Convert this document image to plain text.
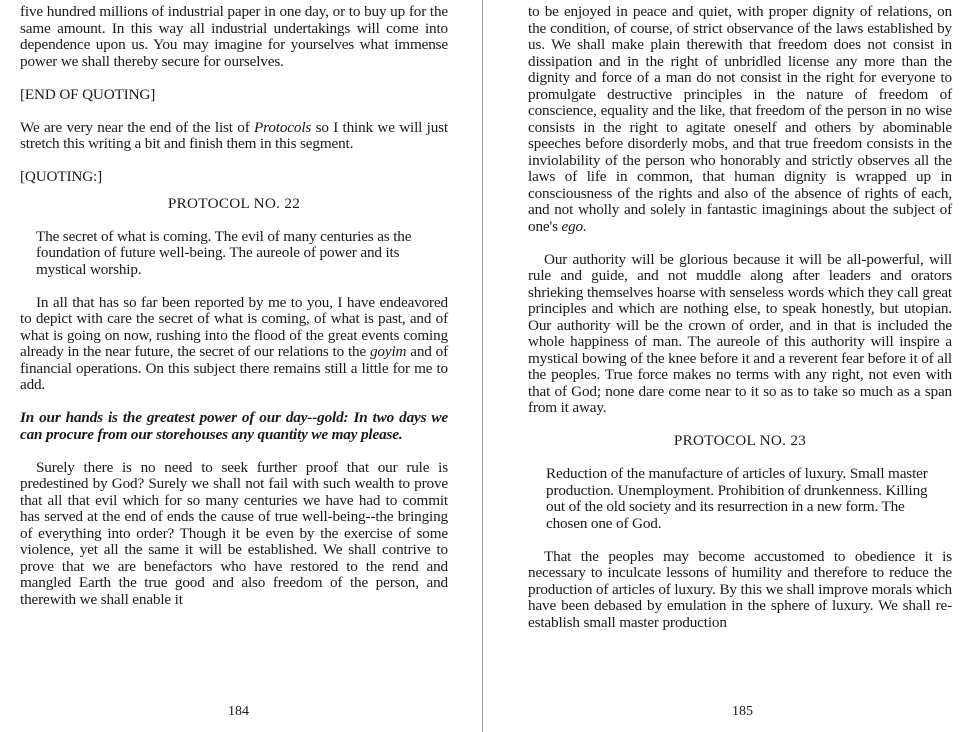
five hundred millions of industrial paper in one day, or to buy up for the same amount. In this way all industrial undertakings will come into dependence upon us. You may imagine for yourselves what immense power we shall thereby secure for ourselves.

[END OF QUOTING]

We are very near the end of the list of Protocols so I think we will just stretch this writing a bit and finish them in this segment.

[QUOTING:]

PROTOCOL NO. 22

The secret of what is coming. The evil of many centuries as the foundation of future well-being. The aureole of power and its mystical worship.

In all that has so far been reported by me to you, I have endeavored to depict with care the secret of what is coming, of what is past, and of what is going on now, rushing into the flood of the great events coming already in the near future, the secret of our relations to the goyim and of financial operations. On this subject there remains still a little for me to add.

In our hands is the greatest power of our day--gold: In two days we can procure from our storehouses any quantity we may please.

Surely there is no need to seek further proof that our rule is predestined by God? Surely we shall not fail with such wealth to prove that all that evil which for so many centuries we have had to commit has served at the end of ends the cause of true well-being--the bringing of everything into order? Though it be even by the exercise of some violence, yet all the same it will be established. We shall contrive to prove that we are benefactors who have restored to the rend and mangled Earth the true good and also freedom of the person, and therewith we shall enable it

184

to be enjoyed in peace and quiet, with proper dignity of relations, on the condition, of course, of strict observance of the laws established by us. We shall make plain therewith that freedom does not consist in dissipation and in the right of unbridled license any more than the dignity and force of a man do not consist in the right for everyone to promulgate destructive principles in the nature of freedom of conscience, equality and the like, that freedom of the person in no wise consists in the right to agitate oneself and others by abominable speeches before disorderly mobs, and that true freedom consists in the inviolability of the person who honorably and strictly observes all the laws of life in common, that human dignity is wrapped up in consciousness of the rights and also of the absence of rights of each, and not wholly and solely in fantastic imaginings about the subject of one's ego.

Our authority will be glorious because it will be all-powerful, will rule and guide, and not muddle along after leaders and orators shrieking themselves hoarse with senseless words which they call great principles and which are nothing else, to speak honestly, but utopian. Our authority will be the crown of order, and in that is included the whole happiness of man. The aureole of this authority will inspire a mystical bowing of the knee before it and a reverent fear before it of all the peoples. True force makes no terms with any right, not even with that of God; none dare come near to it so as to take so much as a span from it away.

PROTOCOL NO. 23

Reduction of the manufacture of articles of luxury. Small master production. Unemployment. Prohibition of drunkenness. Killing out of the old society and its resurrection in a new form. The chosen one of God.

That the peoples may become accustomed to obedience it is necessary to inculcate lessons of humility and therefore to reduce the production of articles of luxury. By this we shall improve morals which have been debased by emulation in the sphere of luxury. We shall re-establish small master production

185
